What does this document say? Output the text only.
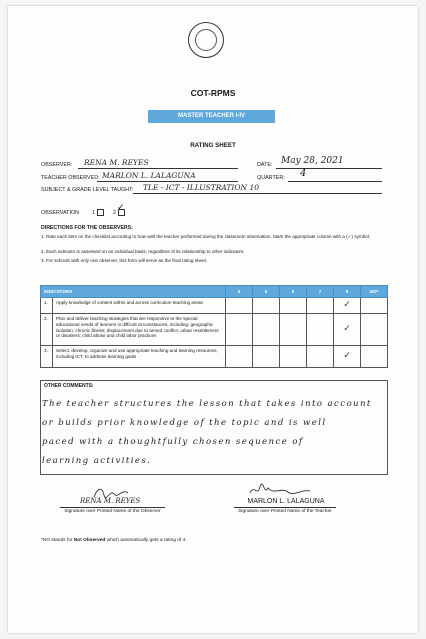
COT-RPMS
MASTER TEACHER I-IV
RATING SHEET
OBSERVER: RENA M. REYES	DATE: May 28, 2021
TEACHER OBSERVED: MARLON L. LALAGUNA	QUARTER: 4
SUBJECT & GRADE LEVEL TAUGHT: TLE - ICT - ILLUSTRATION 10
OBSERVATION 1	2 ✓
DIRECTIONS FOR THE OBSERVERS:
1. Rate each item on the checklist according to how well the teacher performed during the classroom observation. Mark the appropriate column with a (✓) symbol.
2. Each indicator is assessed on an individual basis, regardless of its relationship to other indicators.
3. For schools with only one observer, this form will serve as the final rating sheet.
INDICATORS		4	5	6	7	8	NO*
1.	Apply knowledge of content within and across curriculum teaching areas					✓	
2.	Plan and deliver teaching strategies that are responsive to the special educational needs of learners in difficult circumstances, including: geographic isolation; chronic illness; displacement due to armed conflict, urban resettlement or disasters; child abuse and child labor practices					✓	
3.	Select, develop, organize and use appropriate teaching and learning resources, including ICT, to address learning goals					✓	
OTHER COMMENTS:
The teacher structures the lesson that takes into account
or builds prior knowledge of the topic and is well
paced with a thoughtfully chosen sequence of
learning activities.
RENA M. REYES
Signature over Printed Name of the Observer
MARLON L. LALAGUNA
Signature over Printed Name of the Teacher
*NO stands for Not Observed which automatically gets a rating of 4.
